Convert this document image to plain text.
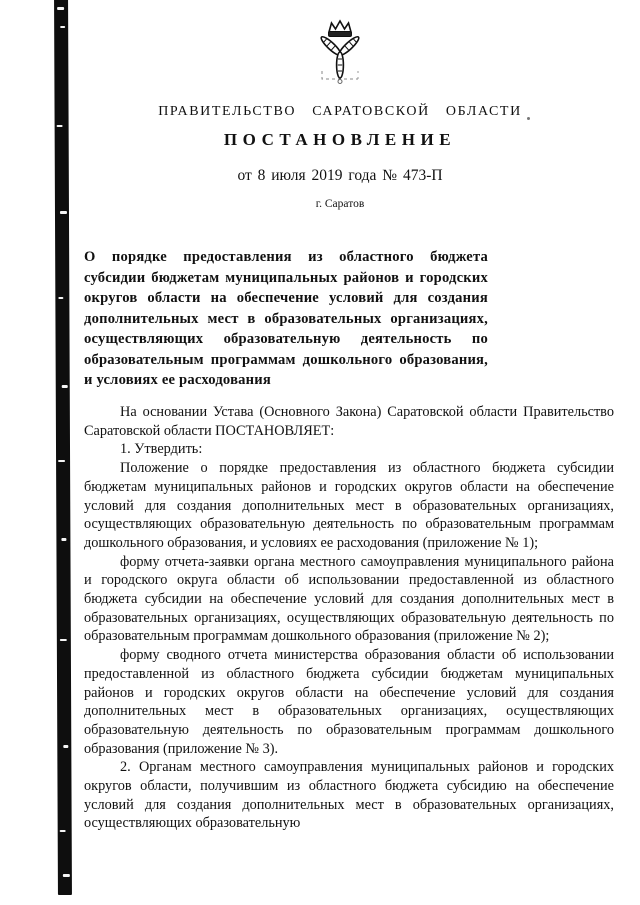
ПРАВИТЕЛЬСТВО САРАТОВСКОЙ ОБЛАСТИ
ПОСТАНОВЛЕНИЕ
от 8 июля 2019 года № 473-П
г. Саратов
О порядке предоставления из областного бюджета субсидии бюджетам муниципальных районов и городских округов области на обеспечение условий для создания дополнительных мест в образовательных организациях, осуществляющих образовательную деятельность по образовательным программам дошкольного образования, и условиях ее расходования

На основании Устава (Основного Закона) Саратовской области Правительство Саратовской области ПОСТАНОВЛЯЕТ:

1. Утвердить:

Положение о порядке предоставления из областного бюджета субсидии бюджетам муниципальных районов и городских округов области на обеспечение условий для создания дополнительных мест в образовательных организациях, осуществляющих образовательную деятельность по образовательным программам дошкольного образования, и условиях ее расходования (приложение № 1);

форму отчета-заявки органа местного самоуправления муниципального района и городского округа области об использовании предоставленной из областного бюджета субсидии на обеспечение условий для создания дополнительных мест в образовательных организациях, осуществляющих образовательную деятельность по образовательным программам дошкольного образования (приложение № 2);

форму сводного отчета министерства образования области об использовании предоставленной из областного бюджета субсидии бюджетам муниципальных районов и городских округов области на обеспечение условий для создания дополнительных мест в образовательных организациях, осуществляющих образовательную деятельность по образовательным программам дошкольного образования (приложение № 3).

2. Органам местного самоуправления муниципальных районов и городских округов области, получившим из областного бюджета субсидию на обеспечение условий для создания дополнительных мест в образовательных организациях, осуществляющих образовательную
